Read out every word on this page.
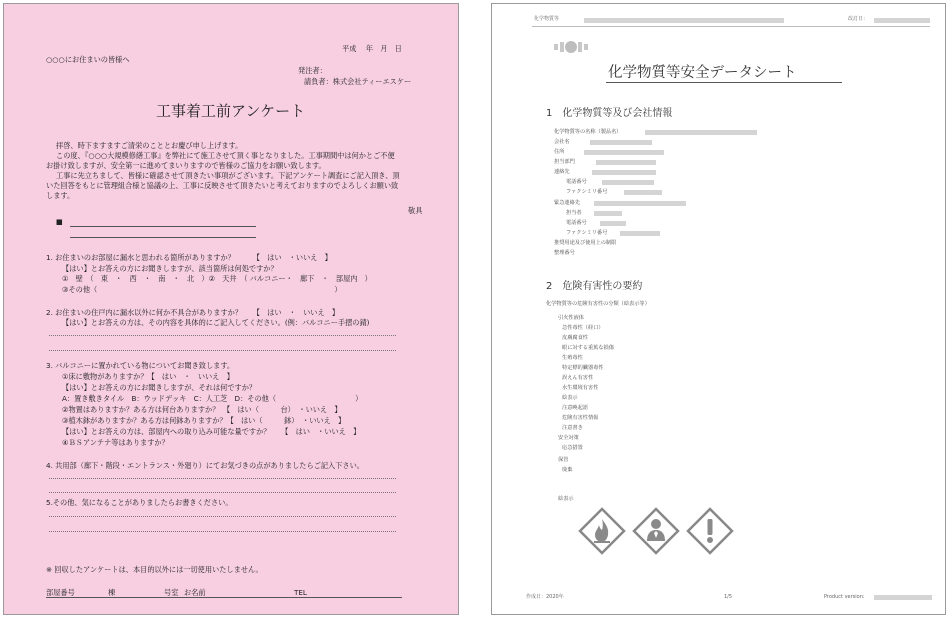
平成　 年　月　日
○○○にお住まいの皆様へ
発注者：
請負者：株式会社ティーエスケー
工事着工前アンケート
拝啓、時下ますますご清栄のこととお慶び申し上げます。
この度、『○○○大規模修繕工事』を弊社にて施工させて頂く事となりました。工事期間中は何かとご不便
お掛け致しますが、安全第一に進めてまいりますので皆様のご協力をお願い致します。
工事に先立ちまして、皆様に確認させて頂きたい事項がございます。下記アンケート調査にご記入頂き、頂
いた回答をもとに管理組合様と協議の上、工事に反映させて頂きたいと考えておりますのでよろしくお願い致
します。
敬具
■
1. お住まいのお部屋に漏水と思われる箇所がありますか？　　　【　はい　・いいえ　】
【はい】とお答えの方にお聞きしますが、該当箇所は何処ですか？
①　壁　（　東　・　西　・　南　・　北　）②　天井　（ バルコニー・　廊下　・　部屋内　）
③その他（　　　　　　　　　　　　　　　　　　　　　　　　　　　　　　　　　）
2. お住まいの住戸内に漏水以外に何か不具合がありますか？　　【　はい　・　いいえ　】
【はい】とお答えの方は、その内容を具体的にご記入してください。(例：バルコニー手摺の錆)
3. バルコニーに置かれている物についてお聞き致します。
①床に敷物がありますか？【　はい　・　いいえ　】
【はい】とお答えの方にお聞きしますが、それは何ですか？
A：置き敷きタイル　B：ウッドデッキ　C：人工芝　D：その他（　　　　　　　　　　　）
②物置はありますか？ある方は何台ありますか？　【　はい（　　　台）　・いいえ　】
③植木鉢がありますか？ある方は何鉢ありますか？【　はい（　　　鉢）　・いいえ　】
【はい】とお答えの方は、部屋内への取り込み可能な量ですか？　　【　はい　・いいえ　】
④ＢＳアンテナ等はありますか？
4. 共用部（廊下・階段・エントランス・外廻り）にてお気づきの点がありましたらご記入下さい。
5.その他、気になることがありましたらお書きください。
※ 回収したアンケートは、本目的以外には一切使用いたしません。
部屋番号	棟	号室 お名前	TEL
化学物質等	改訂日：
化学物質等安全データシート
1　化学物質等及び会社情報
化学物質等の名称（製品名）
会社名
住所
担当部門
連絡先
電話番号
ファクシミリ番号
緊急連絡先
担当者
電話番号
ファクシミリ番号
推奨用途及び使用上の制限
整理番号
2　危険有害性の要約
化学物質等の危険有害性の分類（絵表示等）
引火性液体
急性毒性（経口）
皮膚腐食性
眼に対する重篤な損傷
生殖毒性
特定標的臓器毒性
誤えん有害性
水生環境有害性
絵表示
注意喚起語
危険有害性情報
注意書き
安全対策
応急措置
保管
廃棄
絵表示
作成日：2020年	1/5	Product version:
